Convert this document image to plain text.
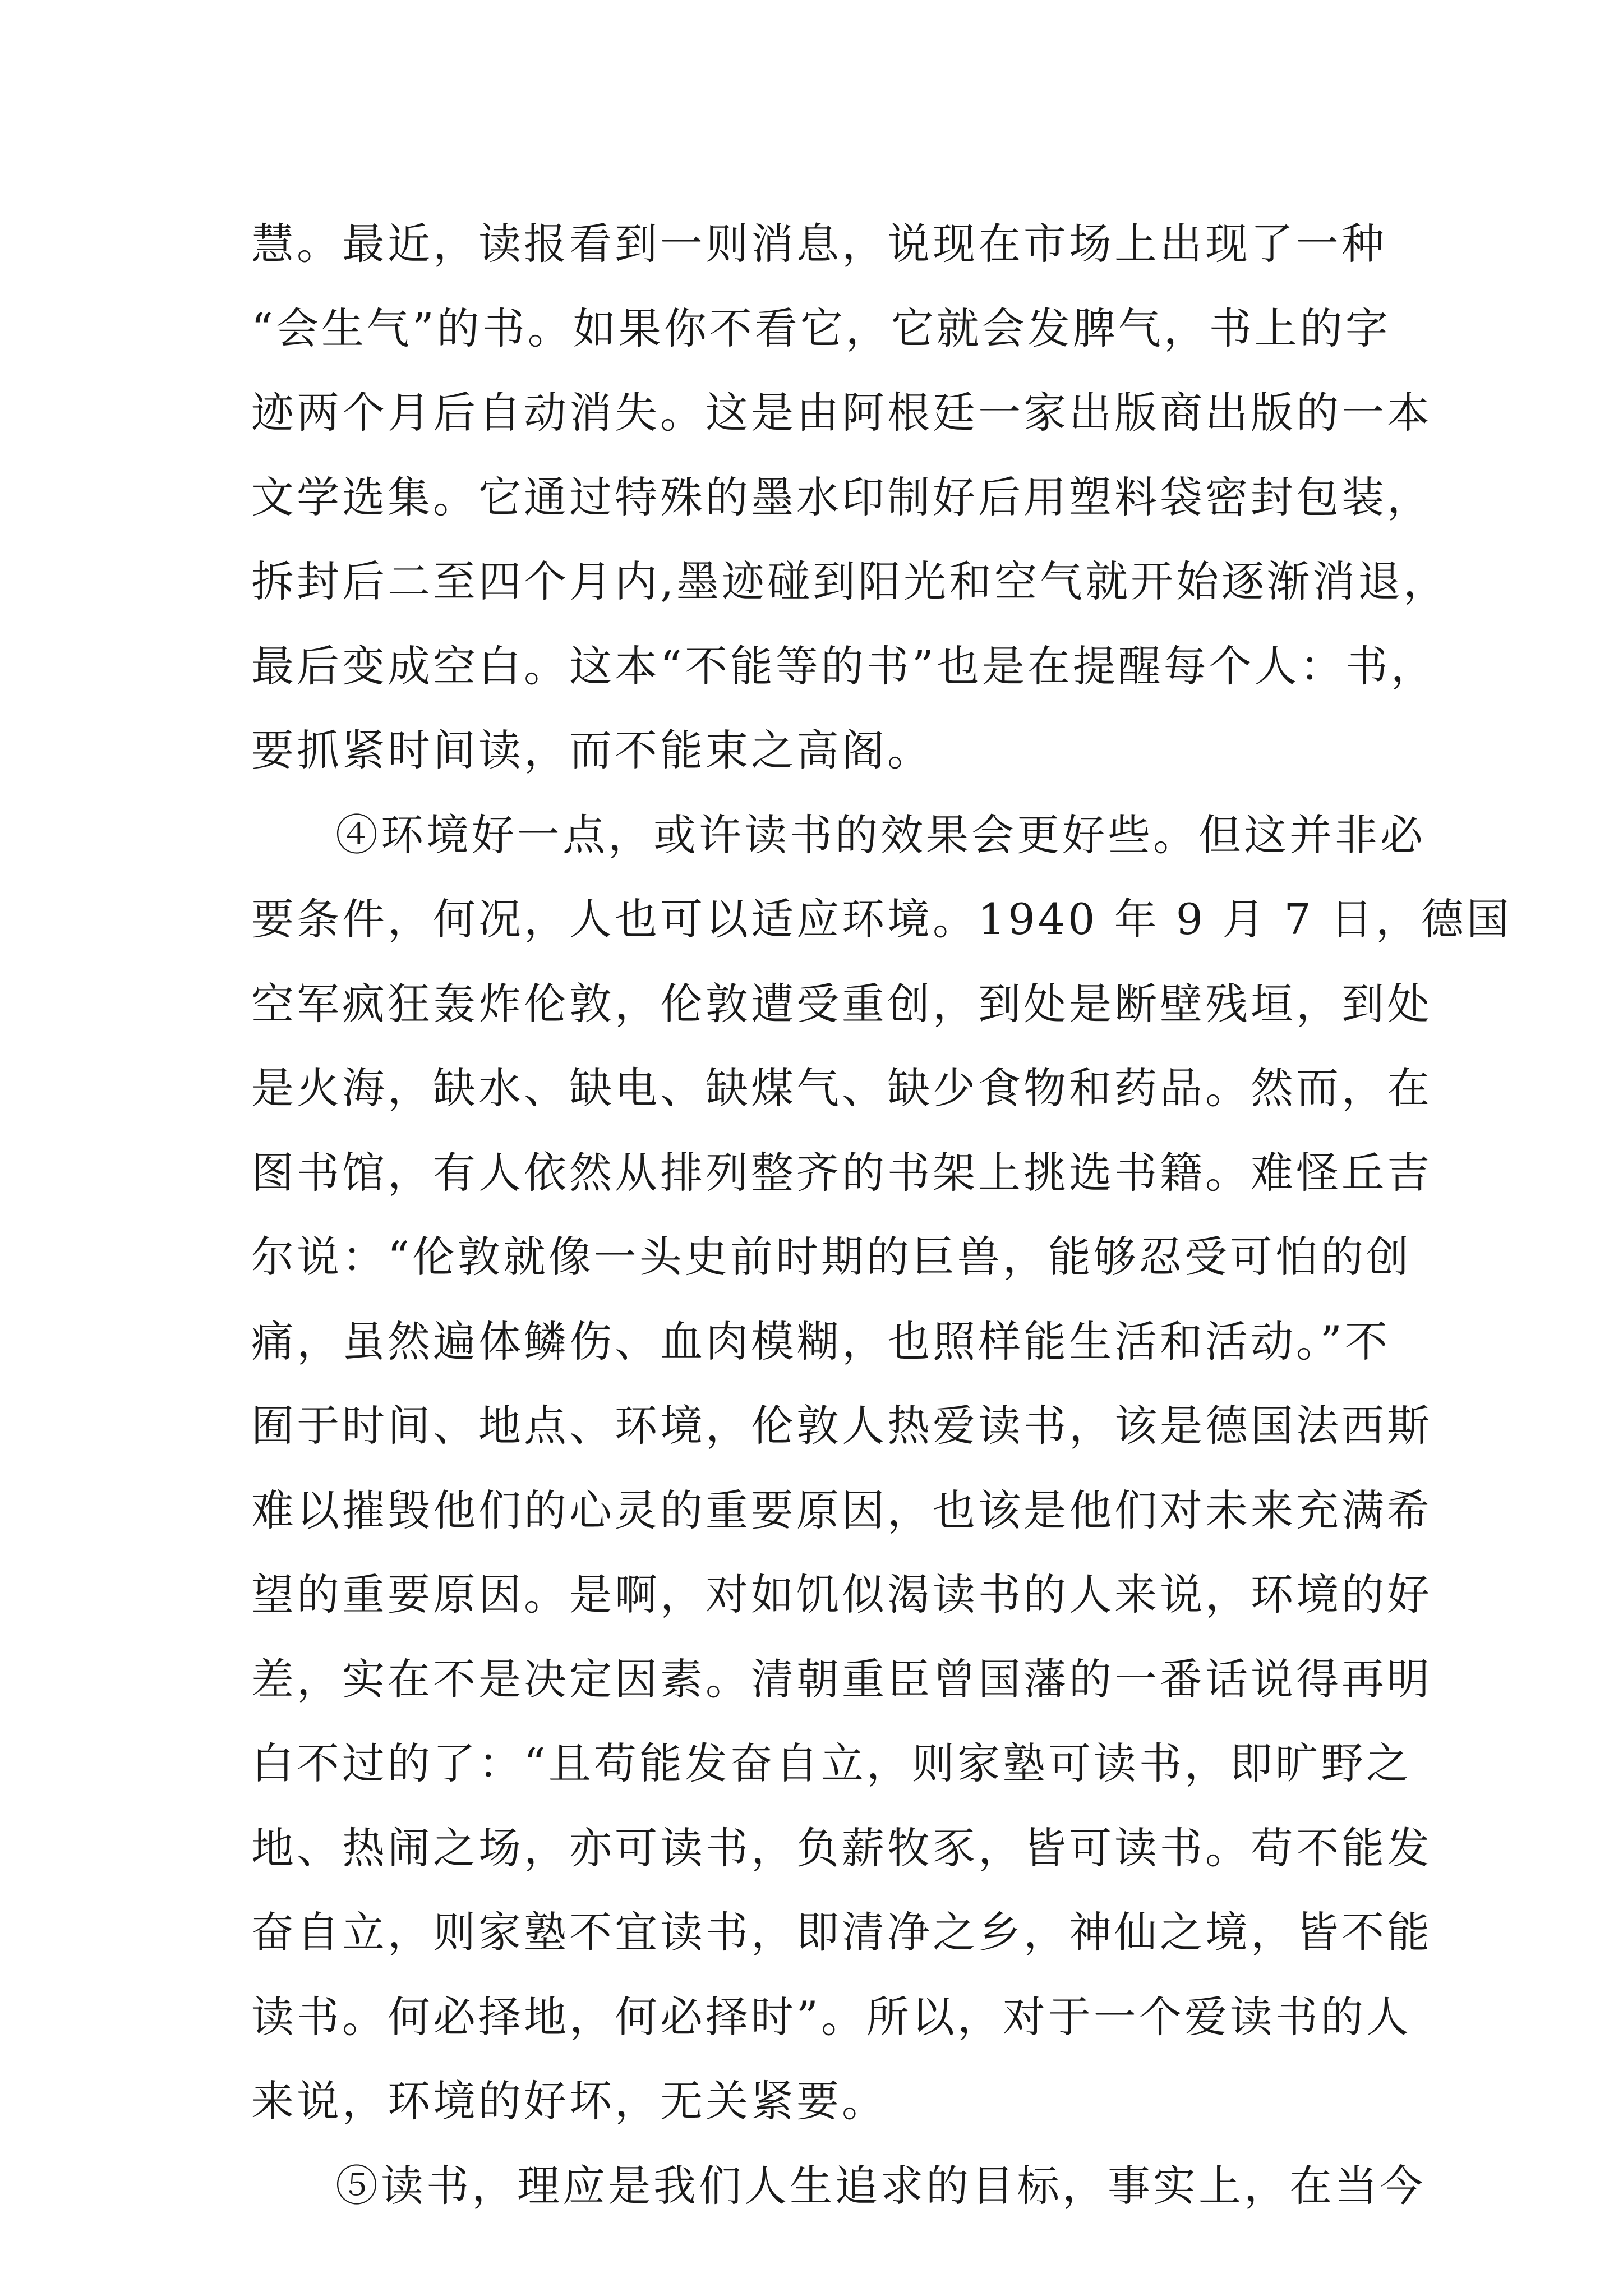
慧。最近，读报看到一则消息，说现在市场上出现了一种
“会生气”的书。如果你不看它，它就会发脾气，书上的字
迹两个月后自动消失。这是由阿根廷一家出版商出版的一本
文学选集。它通过特殊的墨水印制好后用塑料袋密封包装，
拆封后二至四个月内,墨迹碰到阳光和空气就开始逐渐消退，
最后变成空白。这本“不能等的书”也是在提醒每个人：书，
要抓紧时间读，而不能束之高阁。
④环境好一点，或许读书的效果会更好些。但这并非必
要条件，何况，人也可以适应环境。1940 年 9 月 7 日，德国
空军疯狂轰炸伦敦，伦敦遭受重创，到处是断壁残垣，到处
是火海，缺水、缺电、缺煤气、缺少食物和药品。然而，在
图书馆，有人依然从排列整齐的书架上挑选书籍。难怪丘吉
尔说：“伦敦就像一头史前时期的巨兽，能够忍受可怕的创
痛，虽然遍体鳞伤、血肉模糊，也照样能生活和活动。”不
囿于时间、地点、环境，伦敦人热爱读书，该是德国法西斯
难以摧毁他们的心灵的重要原因，也该是他们对未来充满希
望的重要原因。是啊，对如饥似渴读书的人来说，环境的好
差，实在不是决定因素。清朝重臣曾国藩的一番话说得再明
白不过的了：“且苟能发奋自立，则家塾可读书，即旷野之
地、热闹之场，亦可读书，负薪牧豕，皆可读书。苟不能发
奋自立，则家塾不宜读书，即清净之乡，神仙之境，皆不能
读书。何必择地，何必择时”。所以，对于一个爱读书的人
来说，环境的好坏，无关紧要。
⑤读书，理应是我们人生追求的目标，事实上，在当今
